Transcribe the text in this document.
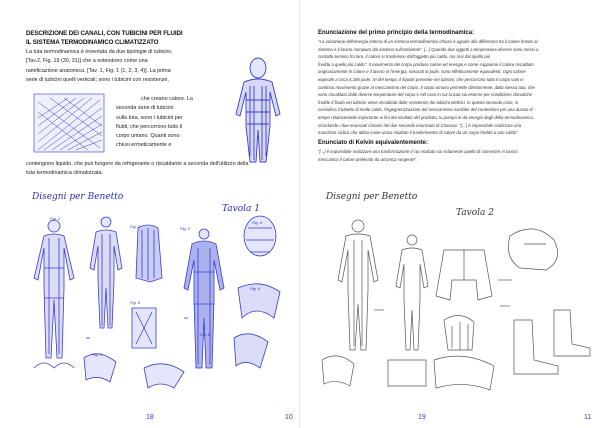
DESCRIZIONE DEI CANALI, CON TUBICINI PER FLUIDI
IL SISTEMA TERMODINAMICO CLIMATIZZATO
La tuta termodinamica è inventata da due tipologie di tubicini,
[Tav.2, Fig. 19 (30, 31)] che a estendono come una
ramificazione anatomica. [Tav. 1, Fig. 1 (1, 2, 3, 4)]. La prima
serie di tubicini quelli verticali; sono i tubicini con resistenze,
che creano calore. La
seconda serie di tubicini
sulla tuta, sono i tubicini per
fluidi, che percorrono tutto il
corpo umano. Quanti sono
chiusi ermeticamente e
contengono liquido, che può fungere da refrigerante o riscaldante a seconda dell'utilizzo della
tuta termodinamica climatizzata.
Disegni per Benetto
Tavola 1
Fig. 1
Fig. 2	Fig. 3
Fig. 4
Fig. 5
Fig. 6
Fig. 7
Fig. 8
18	10
Enunciazione del primo principio della termodinamica:
"La variazione dell'energia interna di un sistema termodinamico chiuso è uguale alla differenza tra il calore fornito al
sistema e il lavoro compiuto dal sistema sull'ambiente". [...] Quando due oggetti a temperature diverse sono messi a
contatto termico fra loro, il calore si trasferisce dall'oggetto più caldo, ma mai dal quello più
freddo a quello più caldo". Il movimento del corpo produce calore ed energia e come sappiamo il calore riscaldato
originariamente in calore e il lavoro in l'energia, misurati in joule, sono effettivamente equivalenti. Ogni calorie
equivale a circa 4,186 joule. Ivi del tempo, il liquido presente nei tubicini, che percorrono tutto il corpo vani in
continuo movimento grazie al meccanismo del corpo. Il corpo umano permette direttamente, dalla stessa tuta, che
sono riscaldata dalle diverse temperature del corpo e nel caso in cui la tuta sia esterne per condizione climatiche
fredde il fluido nei tubicini viene riscaldato dalle resistenze dei tubicini elettrici. In questo secondo caso, si
considera il tubetto di molto caldo, l'ingegnerizzazione del meccanismo sarebbe del contenitore per una durata di
tempo relativamente importante ai fini del risultato del prodotto, la pompa in da energia degli della termodinamica,
ricordando i due enunciati classici del due secondo enunciato di Clausius: "[...] è impossibile realizzare una
macchina ciclica che abbia come unico risultato il trasferimento di calore da un corpo freddo a uno caldo".
Enunciato di Kelvin equivalentemente:
"[...] è impossibile realizzare una trasformazione il cui risultato sia solamente quello di convertire in lavoro
meccanico il calore prelevato da un'unica sorgente".
Disegni per Benetto
Tavola 2
19	11
